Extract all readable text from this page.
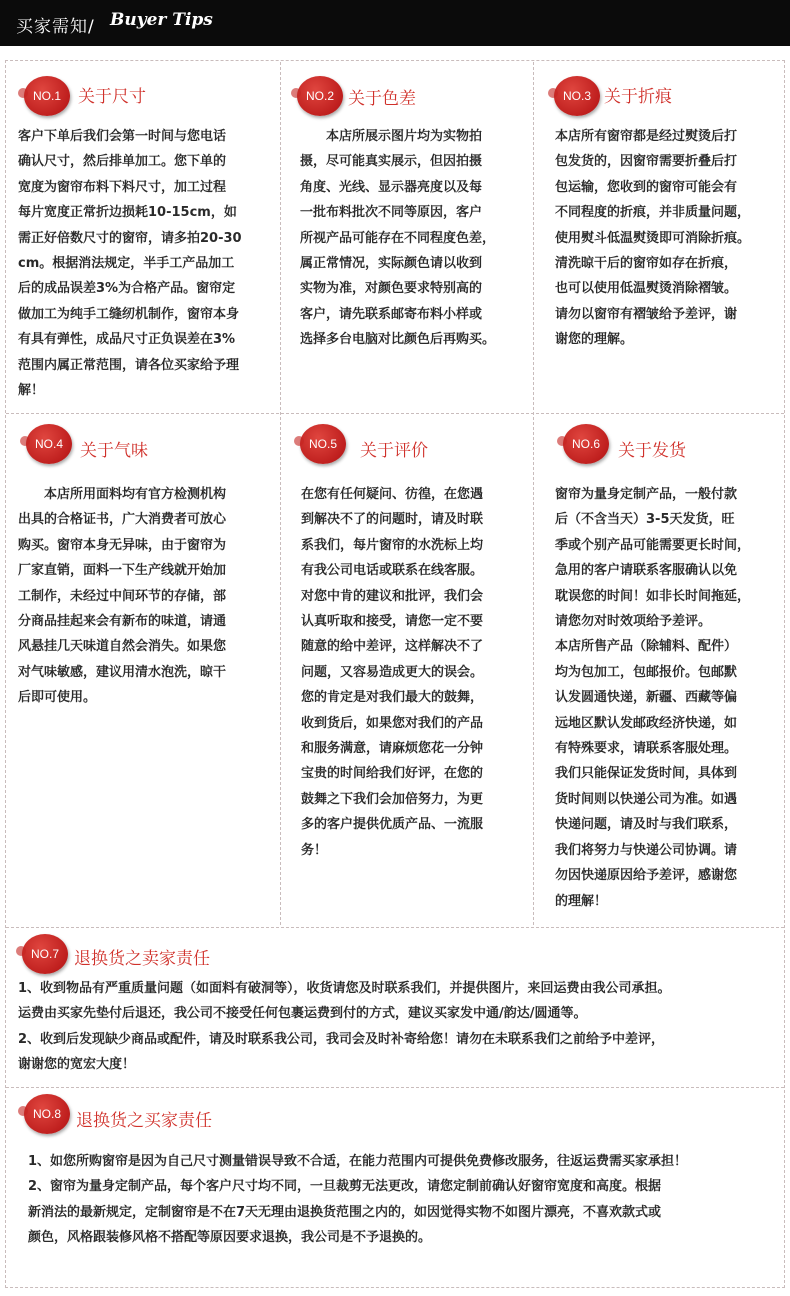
买家需知/ Buyer Tips
NO.1	关于尺寸

客户下单后我们会第一时间与您电话

确认尺寸，然后排单加工。您下单的

宽度为窗帘布料下料尺寸，加工过程

每片宽度正常折边损耗10-15cm，如

需正好倍数尺寸的窗帘，请多拍20-30

cm。根据消法规定，半手工产品加工

后的成品误差3%为合格产品。窗帘定

做加工为纯手工缝纫机制作，窗帘本身

有具有弹性，成品尺寸正负误差在3%

范围内属正常范围，请各位买家给予理

解！

NO.2 关于色差

　　本店所展示图片均为实物拍

摄，尽可能真实展示，但因拍摄

角度、光线、显示器亮度以及每

一批布料批次不同等原因，客户

所视产品可能存在不同程度色差，

属正常情况，实际颜色请以收到

实物为准，对颜色要求特别高的

客户，请先联系邮寄布料小样或

选择多台电脑对比颜色后再购买。

NO.3 关于折痕

本店所有窗帘都是经过熨烫后打

包发货的，因窗帘需要折叠后打

包运输，您收到的窗帘可能会有

不同程度的折痕，并非质量问题，

使用熨斗低温熨烫即可消除折痕。

清洗晾干后的窗帘如存在折痕，

也可以使用低温熨烫消除褶皱。

请勿以窗帘有褶皱给予差评，谢

谢您的理解。

NO.4	关于气味

　　本店所用面料均有官方检测机构

出具的合格证书，广大消费者可放心

购买。窗帘本身无异味，由于窗帘为

厂家直销，面料一下生产线就开始加

工制作，未经过中间环节的存储，部

分商品挂起来会有新布的味道，请通

风悬挂几天味道自然会消失。如果您

对气味敏感，建议用清水泡洗，晾干

后即可使用。

NO.5	关于评价

在您有任何疑问、彷徨，在您遇

到解决不了的问题时，请及时联

系我们，每片窗帘的水洗标上均

有我公司电话或联系在线客服。

对您中肯的建议和批评，我们会

认真听取和接受，请您一定不要

随意的给中差评，这样解决不了

问题，又容易造成更大的误会。

您的肯定是对我们最大的鼓舞，

收到货后，如果您对我们的产品

和服务满意，请麻烦您花一分钟

宝贵的时间给我们好评，在您的

鼓舞之下我们会加倍努力，为更

多的客户提供优质产品、一流服

务！

NO.6	关于发货

窗帘为量身定制产品，一般付款

后（不含当天）3-5天发货，旺

季或个别产品可能需要更长时间，

急用的客户请联系客服确认以免

耽误您的时间！如非长时间拖延，

请您勿对时效项给予差评。

本店所售产品（除辅料、配件）

均为包加工，包邮报价。包邮默

认发圆通快递，新疆、西藏等偏

远地区默认发邮政经济快递，如

有特殊要求，请联系客服处理。

我们只能保证发货时间，具体到

货时间则以快递公司为准。如遇

快递问题，请及时与我们联系，

我们将努力与快递公司协调。请

勿因快递原因给予差评，感谢您

的理解！

NO.7 退换货之卖家责任

1、收到物品有严重质量问题（如面料有破洞等），收货请您及时联系我们，并提供图片，来回运费由我公司承担。

运费由买家先垫付后退还，我公司不接受任何包裹运费到付的方式，建议买家发中通/韵达/圆通等。

2、收到后发现缺少商品或配件，请及时联系我公司，我司会及时补寄给您！请勿在未联系我们之前给予中差评，

谢谢您的宽宏大度！

NO.8 退换货之买家责任

1、如您所购窗帘是因为自己尺寸测量错误导致不合适，在能力范围内可提供免费修改服务，往返运费需买家承担！

2、窗帘为量身定制产品，每个客户尺寸均不同，一旦裁剪无法更改，请您定制前确认好窗帘宽度和高度。根据

新消法的最新规定，定制窗帘是不在7天无理由退换货范围之内的，如因觉得实物不如图片漂亮，不喜欢款式或

颜色，风格跟装修风格不搭配等原因要求退换，我公司是不予退换的。
